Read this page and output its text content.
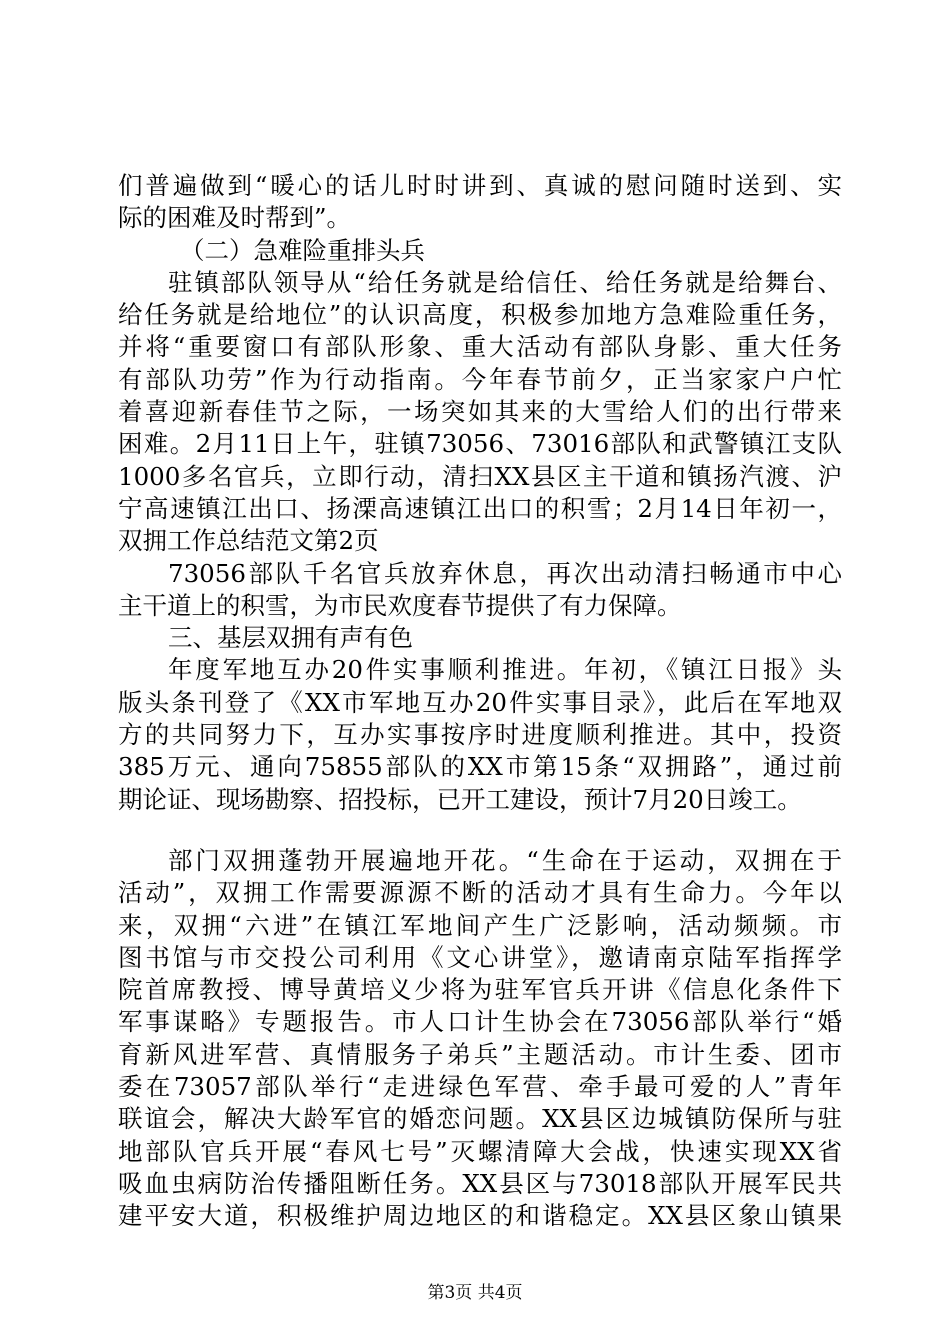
们普遍做到“暖心的话儿时时讲到、真诚的慰问随时送到、实
际的困难及时帮到”。
（二）急难险重排头兵
驻镇部队领导从“给任务就是给信任、给任务就是给舞台、
给任务就是给地位”的认识高度，积极参加地方急难险重任务，
并将“重要窗口有部队形象、重大活动有部队身影、重大任务
有部队功劳”作为行动指南。今年春节前夕，正当家家户户忙
着喜迎新春佳节之际，一场突如其来的大雪给人们的出行带来
困难。2月11日上午，驻镇73056、73016部队和武警镇江支队
1000多名官兵，立即行动，清扫XX县区主干道和镇扬汽渡、沪
宁高速镇江出口、扬溧高速镇江出口的积雪；2月14日年初一，
双拥工作总结范文第2页
73056部队千名官兵放弃休息，再次出动清扫畅通市中心
主干道上的积雪，为市民欢度春节提供了有力保障。
三、基层双拥有声有色
年度军地互办20件实事顺利推进。年初，《镇江日报》头
版头条刊登了《XX市军地互办20件实事目录》，此后在军地双
方的共同努力下，互办实事按序时进度顺利推进。其中，投资
385万元、通向75855部队的XX市第15条“双拥路”，通过前
期论证、现场勘察、招投标，已开工建设，预计7月20日竣工。
部门双拥蓬勃开展遍地开花。“生命在于运动，双拥在于
活动”，双拥工作需要源源不断的活动才具有生命力。今年以
来，双拥“六进”在镇江军地间产生广泛影响，活动频频。市
图书馆与市交投公司利用《文心讲堂》，邀请南京陆军指挥学
院首席教授、博导黄培义少将为驻军官兵开讲《信息化条件下
军事谋略》专题报告。市人口计生协会在73056部队举行“婚
育新风进军营、真情服务子弟兵”主题活动。市计生委、团市
委在73057部队举行“走进绿色军营、牵手最可爱的人”青年
联谊会，解决大龄军官的婚恋问题。XX县区边城镇防保所与驻
地部队官兵开展“春风七号”灭螺清障大会战，快速实现XX省
吸血虫病防治传播阻断任务。XX县区与73018部队开展军民共
建平安大道，积极维护周边地区的和谐稳定。XX县区象山镇果
第3页 共4页
